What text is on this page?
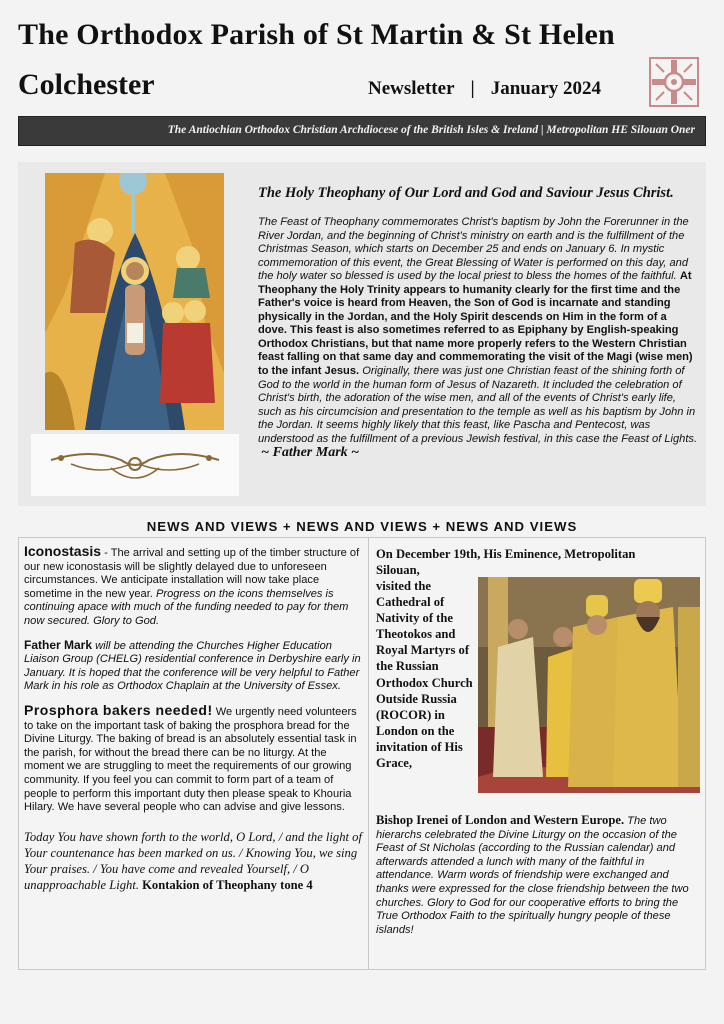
The Orthodox Parish of St Martin & St Helen
Colchester	Newsletter | January 2024
The Antiochian Orthodox Christian Archdiocese of the British Isles & Ireland | Metropolitan HE Silouan Oner
The Holy Theophany of Our Lord and God and Saviour Jesus Christ.
The Feast of Theophany commemorates Christ's baptism by John the Forerunner in the River Jordan, and the beginning of Christ's ministry on earth and is the fulfillment of the Christmas Season, which starts on December 25 and ends on January 6. In mystic commemoration of this event, the Great Blessing of Water is performed on this day, and the holy water so blessed is used by the local priest to bless the homes of the faithful. At Theophany the Holy Trinity appears to humanity clearly for the first time and the Father's voice is heard from Heaven, the Son of God is incarnate and standing physically in the Jordan, and the Holy Spirit descends on Him in the form of a dove. This feast is also sometimes referred to as Epiphany by English-speaking Orthodox Christians, but that name more properly refers to the Western Christian feast falling on that same day and commemorating the visit of the Magi (wise men) to the infant Jesus. Originally, there was just one Christian feast of the shining forth of God to the world in the human form of Jesus of Nazareth. It included the celebration of Christ's birth, the adoration of the wise men, and all of the events of Christ's early life, such as his circumcision and presentation to the temple as well as his baptism by John in the Jordan. It seems highly likely that this feast, like Pascha and Pentecost, was understood as the fulfillment of a previous Jewish festival, in this case the Feast of Lights.  ~ Father Mark ~
NEWS AND VIEWS + NEWS AND VIEWS + NEWS AND VIEWS

Iconostasis - The arrival and setting up of the timber structure of our new iconostasis will be slightly delayed due to unforeseen circumstances. We anticipate installation will now take place sometime in the new year. Progress on the icons themselves is continuing apace with much of the funding needed to pay for them now secured. Glory to God.

Father Mark will be attending the Churches Higher Education Liaison Group (CHELG) residential conference in Derbyshire early in January. It is hoped that the conference will be very helpful to Father Mark in his role as Orthodox Chaplain at the University of Essex.

Prosphora bakers needed! We urgently need volunteers to take on the important task of baking the prosphora bread for the Divine Liturgy. The baking of bread is an absolutely essential task in the parish, for without the bread there can be no liturgy. At the moment we are struggling to meet the requirements of our growing community. If you feel you can commit to form part of a team of people to perform this important duty then please speak to Khouria Hilary. We have several people who can advise and give lessons.

Today You have shown forth to the world, O Lord, / and the light of Your countenance has been marked on us. / Knowing You, we sing Your praises. / You have come and revealed Yourself, / O unapproachable Light. Kontakion of Theophany tone 4

On December 19th, His Eminence, Metropolitan Silouan,
visited the Cathedral of Nativity of the Theotokos and Royal Martyrs of the Russian Orthodox Church Outside Russia (ROCOR) in London on the invitation of His Grace,
Bishop Irenei of London and Western Europe. The two hierarchs celebrated the Divine Liturgy on the occasion of the Feast of St Nicholas (according to the Russian calendar) and afterwards attended a lunch with many of the faithful in attendance. Warm words of friendship were exchanged and thanks were expressed for the close friendship between the two churches. Glory to God for our cooperative efforts to bring the True Orthodox Faith to the spiritually hungry people of these islands!
